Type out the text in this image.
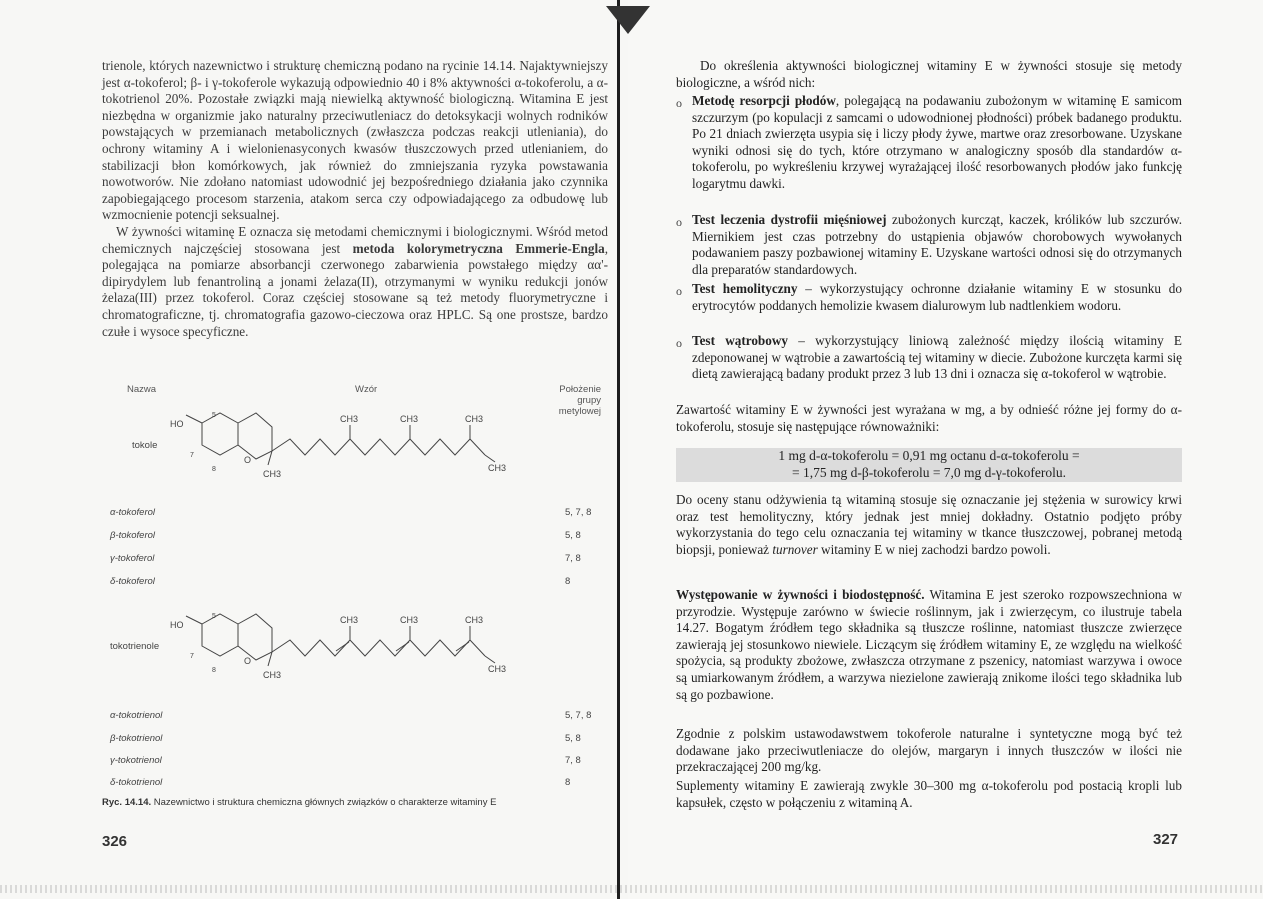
trienole, których nazewnictwo i strukturę chemiczną podano na rycinie 14.14. Najaktywniejszy jest α-tokoferol; β- i γ-tokoferole wykazują odpowiednio 40 i 8% aktywności α-tokoferolu, a α-tokotrienol 20%. Pozostałe związki mają niewielką aktywność biologiczną. Witamina E jest niezbędna w organizmie jako naturalny przeciwutleniacz do detoksykacji wolnych rodników powstających w przemianach metabolicznych (zwłaszcza podczas reakcji utleniania), do ochrony witaminy A i wielonienasyconych kwasów tłuszczowych przed utlenianiem, do stabilizacji błon komórkowych, jak również do zmniejszania ryzyka powstawania nowotworów. Nie zdołano natomiast udowodnić jej bezpośredniego działania jako czynnika zapobiegającego procesom starzenia, atakom serca czy odpowiadającego za odbudowę lub wzmocnienie potencji seksualnej.

W żywności witaminę E oznacza się metodami chemicznymi i biologicznymi. Wśród metod chemicznych najczęściej stosowana jest metoda kolorymetryczna Emmerie-Engla, polegająca na pomiarze absorbancji czerwonego zabarwienia powstałego między αα'-dipirydylem lub fenantroliną a jonami żelaza(II), otrzymanymi w wyniku redukcji jonów żelaza(III) przez tokoferol. Coraz częściej stosowane są też metody fluorymetryczne i chromatograficzne, tj. chromatografia gazowo-cieczowa oraz HPLC. Są one prostsze, bardzo czułe i wysoce specyficzne.

Nazwa	Wzór	Położenie grupy metylowej
tokole
HO
O
CH3
CH3	CH3	CH3
CH3
5
7
8
α-tokoferol	5, 7, 8
β-tokoferol	5, 8
γ-tokoferol	7, 8
δ-tokoferol	8
tokotrienole
HO
O
CH3
CH3	CH3	CH3
CH3
5
7
8
α-tokotrienol	5, 7, 8
β-tokotrienol	5, 8
γ-tokotrienol	7, 8
δ-tokotrienol	8
Ryc. 14.14. Nazewnictwo i struktura chemiczna głównych związków o charakterze witaminy E
326

Do określenia aktywności biologicznej witaminy E w żywności stosuje się metody biologiczne, a wśród nich:

o Metodę resorpcji płodów, polegającą na podawaniu zubożonym w witaminę E samicom szczurzym (po kopulacji z samcami o udowodnionej płodności) próbek badanego produktu. Po 21 dniach zwierzęta usypia się i liczy płody żywe, martwe oraz zresorbowane. Uzyskane wyniki odnosi się do tych, które otrzymano w analogiczny sposób dla standardów α-tokoferolu, po wykreśleniu krzywej wyrażającej ilość resorbowanych płodów jako funkcję logarytmu dawki.

o Test leczenia dystrofii mięśniowej zubożonych kurcząt, kaczek, królików lub szczurów. Miernikiem jest czas potrzebny do ustąpienia objawów chorobowych wywołanych podawaniem paszy pozbawionej witaminy E. Uzyskane wartości odnosi się do otrzymanych dla preparatów standardowych.

o Test hemolityczny – wykorzystujący ochronne działanie witaminy E w stosunku do erytrocytów poddanych hemolizie kwasem dialurowym lub nadtlenkiem wodoru.

o Test wątrobowy – wykorzystujący liniową zależność między ilością witaminy E zdeponowanej w wątrobie a zawartością tej witaminy w diecie. Zubożone kurczęta karmi się dietą zawierającą badany produkt przez 3 lub 13 dni i oznacza się α-tokoferol w wątrobie.

Zawartość witaminy E w żywności jest wyrażana w mg, a by odnieść różne jej formy do α-tokoferolu, stosuje się następujące równoważniki:

1 mg d-α-tokoferolu = 0,91 mg octanu d-α-tokoferolu =
= 1,75 mg d-β-tokoferolu = 7,0 mg d-γ-tokoferolu.

Do oceny stanu odżywienia tą witaminą stosuje się oznaczanie jej stężenia w surowicy krwi oraz test hemolityczny, który jednak jest mniej dokładny. Ostatnio podjęto próby wykorzystania do tego celu oznaczania tej witaminy w tkance tłuszczowej, pobranej metodą biopsji, ponieważ turnover witaminy E w niej zachodzi bardzo powoli.

Występowanie w żywności i biodostępność. Witamina E jest szeroko rozpowszechniona w przyrodzie. Występuje zarówno w świecie roślinnym, jak i zwierzęcym, co ilustruje tabela 14.27. Bogatym źródłem tego składnika są tłuszcze roślinne, natomiast tłuszcze zwierzęce zawierają jej stosunkowo niewiele. Liczącym się źródłem witaminy E, ze względu na wielkość spożycia, są produkty zbożowe, zwłaszcza otrzymane z pszenicy, natomiast warzywa i owoce są umiarkowanym źródłem, a warzywa niezielone zawierają znikome ilości tego składnika lub są go pozbawione.

Zgodnie z polskim ustawodawstwem tokoferole naturalne i syntetyczne mogą być też dodawane jako przeciwutleniacze do olejów, margaryn i innych tłuszczów w ilości nie przekraczającej 200 mg/kg.

Suplementy witaminy E zawierają zwykle 30–300 mg α-tokoferolu pod postacią kropli lub kapsułek, często w połączeniu z witaminą A.

327
